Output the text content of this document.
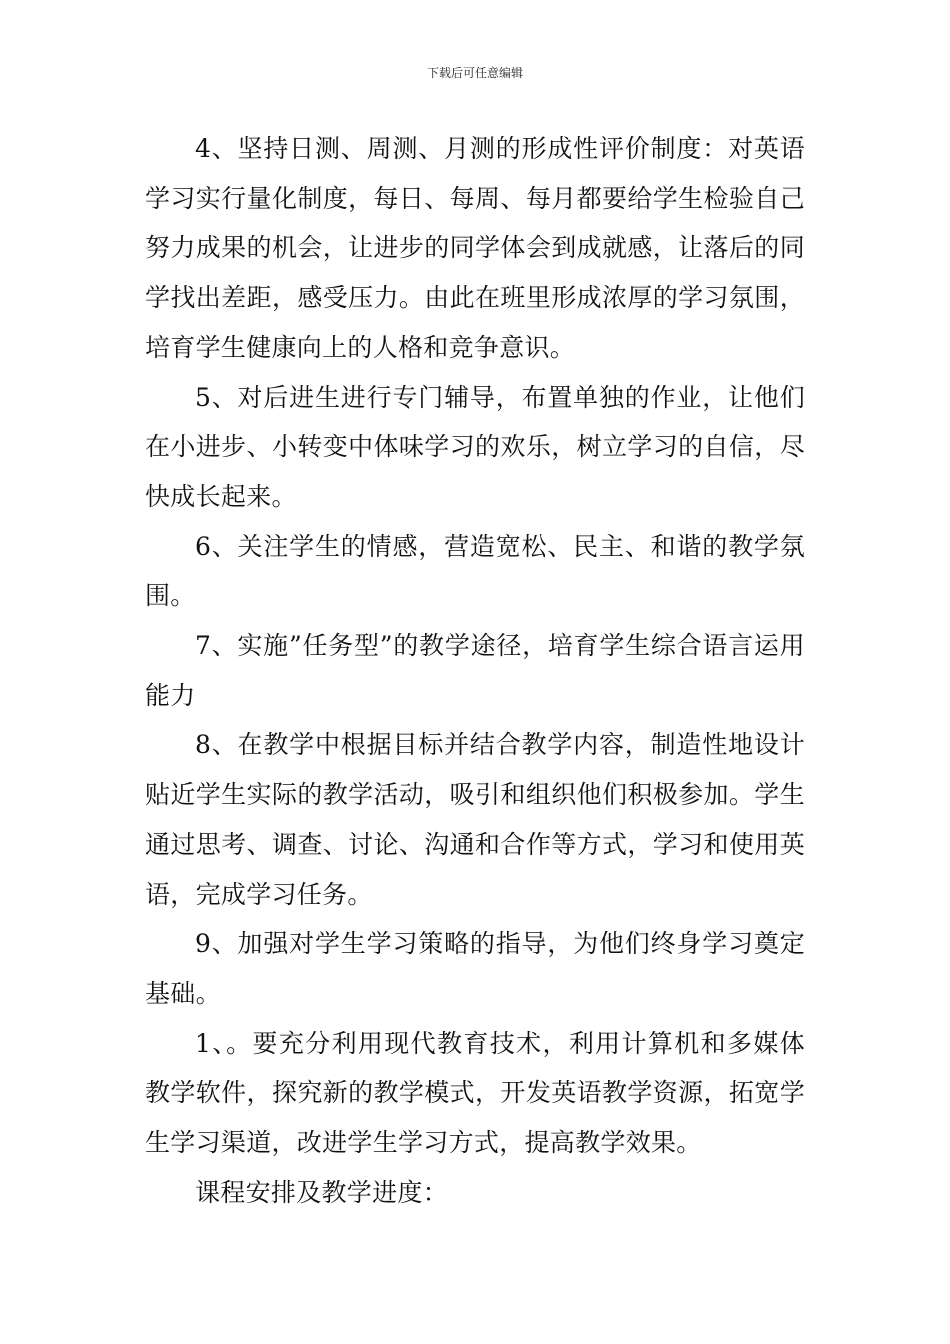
下载后可任意编辑

4、坚持日测、周测、月测的形成性评价制度：对英语学习实行量化制度，每日、每周、每月都要给学生检验自己努力成果的机会，让进步的同学体会到成就感，让落后的同学找出差距，感受压力。由此在班里形成浓厚的学习氛围，培育学生健康向上的人格和竞争意识。

5、对后进生进行专门辅导，布置单独的作业，让他们在小进步、小转变中体味学习的欢乐，树立学习的自信，尽快成长起来。

6、关注学生的情感，营造宽松、民主、和谐的教学氛围。

7、实施”任务型”的教学途径，培育学生综合语言运用能力

8、在教学中根据目标并结合教学内容，制造性地设计贴近学生实际的教学活动，吸引和组织他们积极参加。学生通过思考、调查、讨论、沟通和合作等方式，学习和使用英语，完成学习任务。

9、加强对学生学习策略的指导，为他们终身学习奠定基础。

1、。要充分利用现代教育技术，利用计算机和多媒体教学软件，探究新的教学模式，开发英语教学资源，拓宽学生学习渠道，改进学生学习方式，提高教学效果。

课程安排及教学进度：
